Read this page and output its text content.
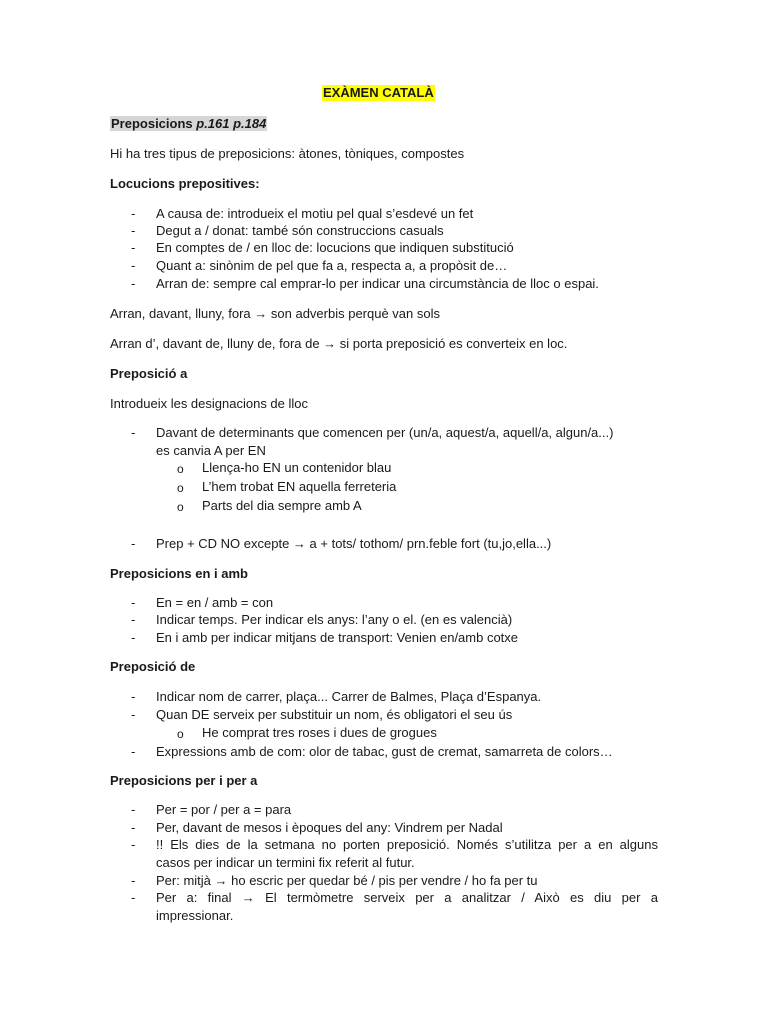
EXÀMEN CATALÀ
Preposicions p.161 p.184
Hi ha tres tipus de preposicions: àtones, tòniques, compostes
Locucions prepositives:
-	A causa de: introdueix el motiu pel qual s’esdevé un fet
-	Degut a / donat: també són construccions casuals
-	En comptes de / en lloc de: locucions que indiquen substitució
-	Quant a: sinònim de pel que fa a, respecta a, a propòsit de…
-	Arran de: sempre cal emprar-lo per indicar una circumstància de lloc o espai.
Arran, davant, lluny, fora → son adverbis perquè van sols
Arran d’, davant de, lluny de, fora de → si porta preposició es converteix en loc.
Preposició a
Introdueix les designacions de lloc
-	Davant de determinants que comencen per (un/a, aquest/a, aquell/a, algun/a...)
es canvia A per EN
o Llença-ho EN un contenidor blau
o L’hem trobat EN aquella ferreteria
o Parts del dia sempre amb A
-	Prep + CD NO excepte → a + tots/ tothom/ prn.feble fort (tu,jo,ella...)
Preposicions en i amb
-	En = en / amb = con
-	Indicar temps. Per indicar els anys: l’any o el. (en es valencià)
-	En i amb per indicar mitjans de transport: Venien en/amb cotxe
Preposició de
-	Indicar nom de carrer, plaça... Carrer de Balmes, Plaça d’Espanya.
-	Quan DE serveix per substituir un nom, és obligatori el seu ús
o He comprat tres roses i dues de grogues
-	Expressions amb de com: olor de tabac, gust de cremat, samarreta de colors…
Preposicions per i per a
-	Per = por / per a = para
-	Per, davant de mesos i èpoques del any: Vindrem per Nadal
-	!! Els dies de la setmana no porten preposició. Només s’utilitza per a en alguns
casos per indicar un termini fix referit al futur.
-	Per: mitjà → ho escric per quedar bé / pis per vendre / ho fa per tu
-	Per a: final → El termòmetre serveix per a analitzar / Això es diu per a
impressionar.
